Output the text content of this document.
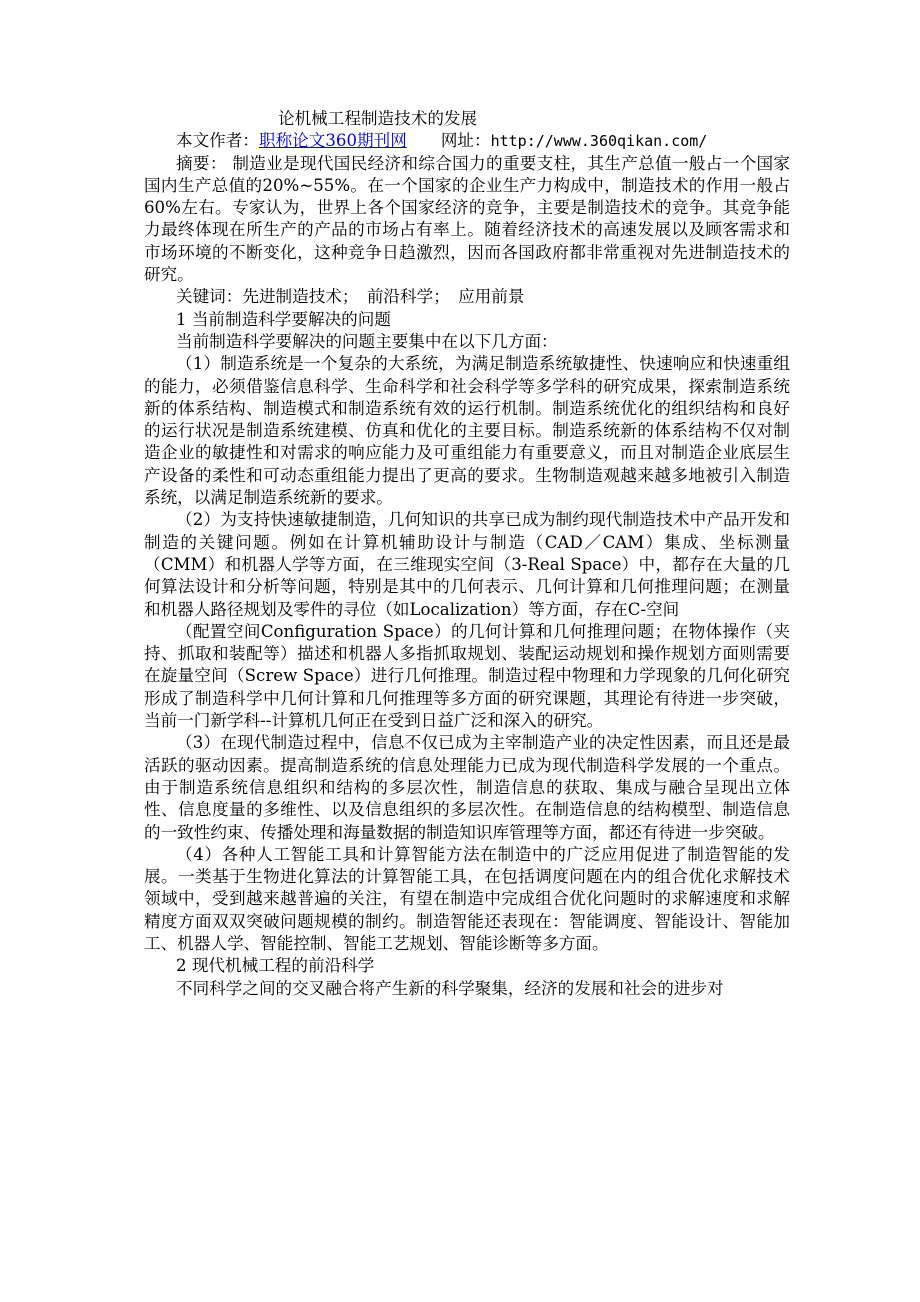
论机械工程制造技术的发展
本文作者：职称论文360期刊网 网址：http://www.360qikan.com/

摘要： 制造业是现代国民经济和综合国力的重要支柱，其生产总值一般占一个国家国内生产总值的20%~55%。在一个国家的企业生产力构成中，制造技术的作用一般占60%左右。专家认为，世界上各个国家经济的竞争，主要是制造技术的竞争。其竞争能力最终体现在所生产的产品的市场占有率上。随着经济技术的高速发展以及顾客需求和市场环境的不断变化，这种竞争日趋激烈，因而各国政府都非常重视对先进制造技术的研究。

关键词：先进制造技术；　前沿科学；　应用前景

1 当前制造科学要解决的问题

当前制造科学要解决的问题主要集中在以下几方面：

（1）制造系统是一个复杂的大系统，为满足制造系统敏捷性、快速响应和快速重组的能力，必须借鉴信息科学、生命科学和社会科学等多学科的研究成果，探索制造系统新的体系结构、制造模式和制造系统有效的运行机制。制造系统优化的组织结构和良好的运行状况是制造系统建模、仿真和优化的主要目标。制造系统新的体系结构不仅对制造企业的敏捷性和对需求的响应能力及可重组能力有重要意义，而且对制造企业底层生产设备的柔性和可动态重组能力提出了更高的要求。生物制造观越来越多地被引入制造系统，以满足制造系统新的要求。

（2）为支持快速敏捷制造，几何知识的共享已成为制约现代制造技术中产品开发和制造的关键问题。例如在计算机辅助设计与制造（CAD／CAM）集成、坐标测量（CMM）和机器人学等方面，在三维现实空间（3-Real Space）中，都存在大量的几何算法设计和分析等问题，特别是其中的几何表示、几何计算和几何推理问题；在测量和机器人路径规划及零件的寻位（如Localization）等方面，存在C-空间

（配置空间Configuration Space）的几何计算和几何推理问题；在物体操作（夹持、抓取和装配等）描述和机器人多指抓取规划、装配运动规划和操作规划方面则需要在旋量空间（Screw Space）进行几何推理。制造过程中物理和力学现象的几何化研究形成了制造科学中几何计算和几何推理等多方面的研究课题，其理论有待进一步突破，当前一门新学科--计算机几何正在受到日益广泛和深入的研究。

（3）在现代制造过程中，信息不仅已成为主宰制造产业的决定性因素，而且还是最活跃的驱动因素。提高制造系统的信息处理能力已成为现代制造科学发展的一个重点。由于制造系统信息组织和结构的多层次性，制造信息的获取、集成与融合呈现出立体性、信息度量的多维性、以及信息组织的多层次性。在制造信息的结构模型、制造信息的一致性约束、传播处理和海量数据的制造知识库管理等方面，都还有待进一步突破。

（4）各种人工智能工具和计算智能方法在制造中的广泛应用促进了制造智能的发展。一类基于生物进化算法的计算智能工具，在包括调度问题在内的组合优化求解技术领域中，受到越来越普遍的关注，有望在制造中完成组合优化问题时的求解速度和求解精度方面双双突破问题规模的制约。制造智能还表现在：智能调度、智能设计、智能加工、机器人学、智能控制、智能工艺规划、智能诊断等多方面。

2 现代机械工程的前沿科学

不同科学之间的交叉融合将产生新的科学聚集，经济的发展和社会的进步对
